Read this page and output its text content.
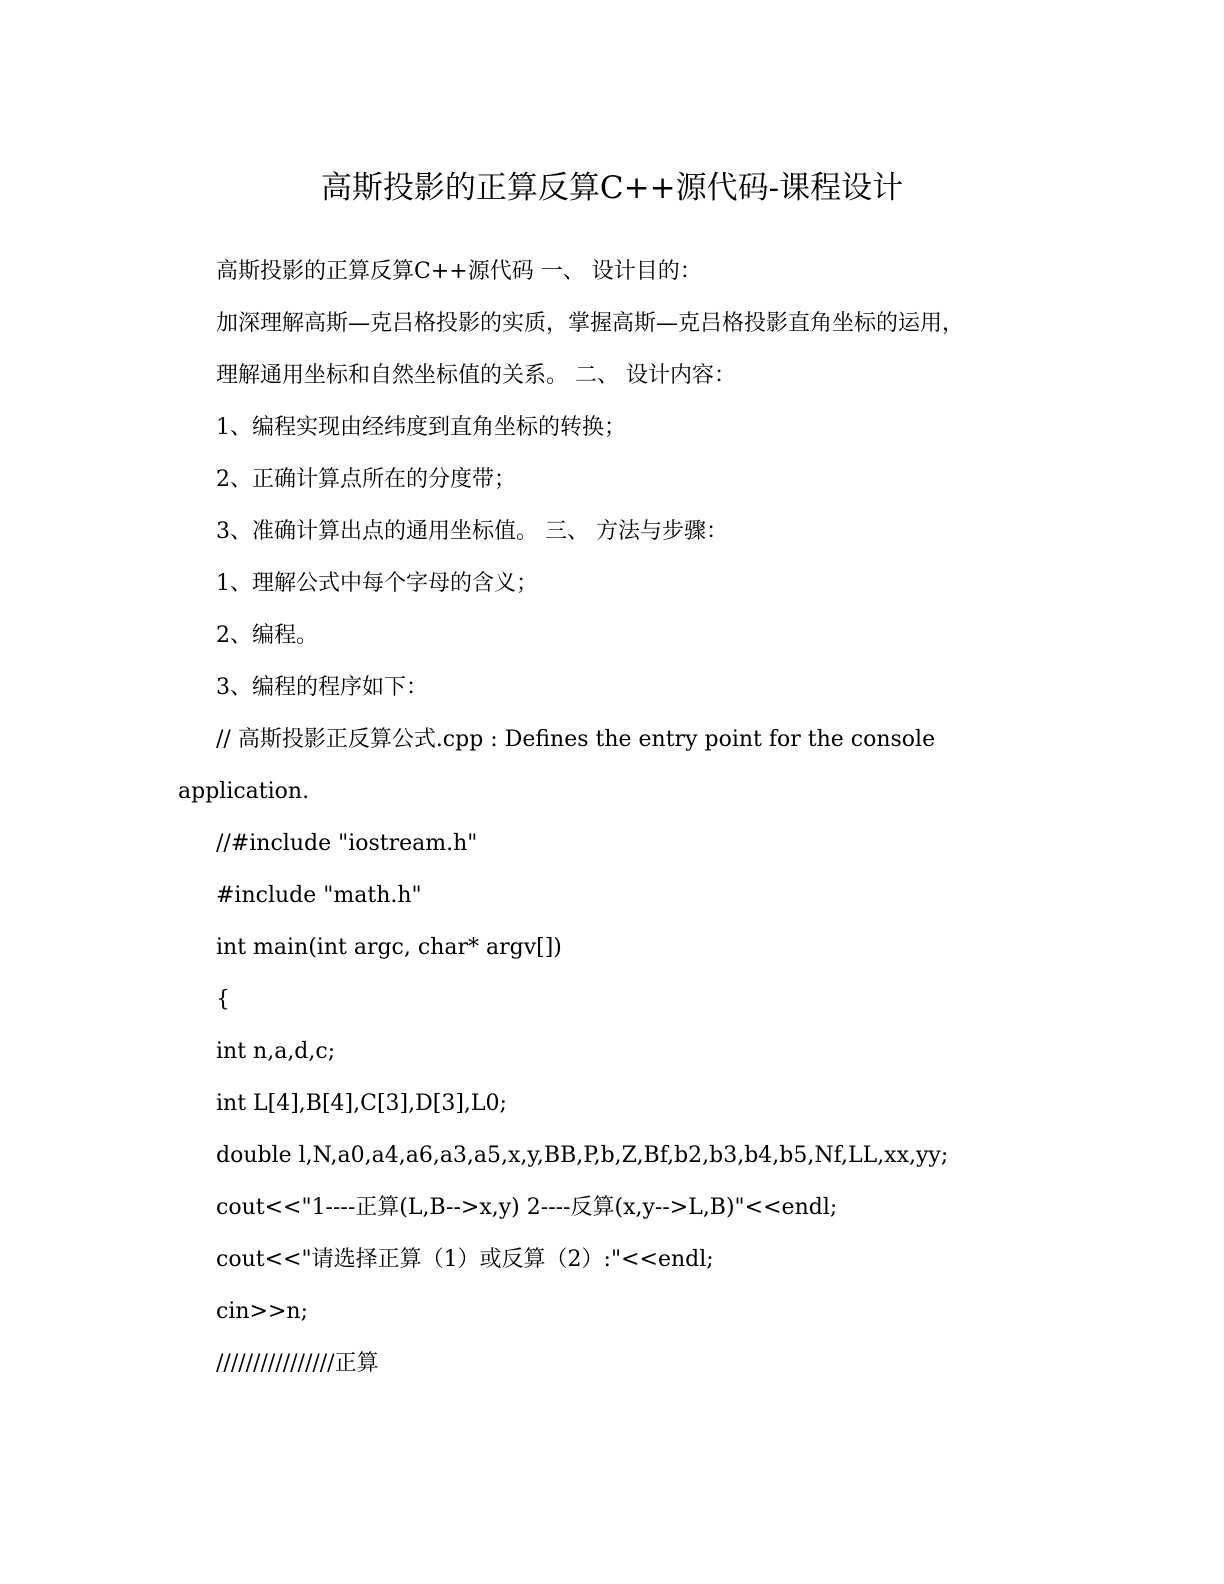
高斯投影的正算反算C++源代码-课程设计
高斯投影的正算反算C++源代码 一、 设计目的：
加深理解高斯—克吕格投影的实质，掌握高斯—克吕格投影直角坐标的运用，
理解通用坐标和自然坐标值的关系。 二、 设计内容：
1、编程实现由经纬度到直角坐标的转换；
2、正确计算点所在的分度带；
3、准确计算出点的通用坐标值。 三、 方法与步骤：
1、理解公式中每个字母的含义；
2、编程。
3、编程的程序如下：
// 高斯投影正反算公式.cpp : Defines the entry point for the console
application.
//#include "iostream.h"
#include "math.h"
int main(int argc, char* argv[])
{
int n,a,d,c;
int L[4],B[4],C[3],D[3],L0;
double l,N,a0,a4,a6,a3,a5,x,y,BB,P,b,Z,Bf,b2,b3,b4,b5,Nf,LL,xx,yy;
cout<<"1----正算(L,B-->x,y) 2----反算(x,y-->L,B)"<<endl;
cout<<"请选择正算（1）或反算（2）:"<<endl;
cin>>n;
////////////////正算
